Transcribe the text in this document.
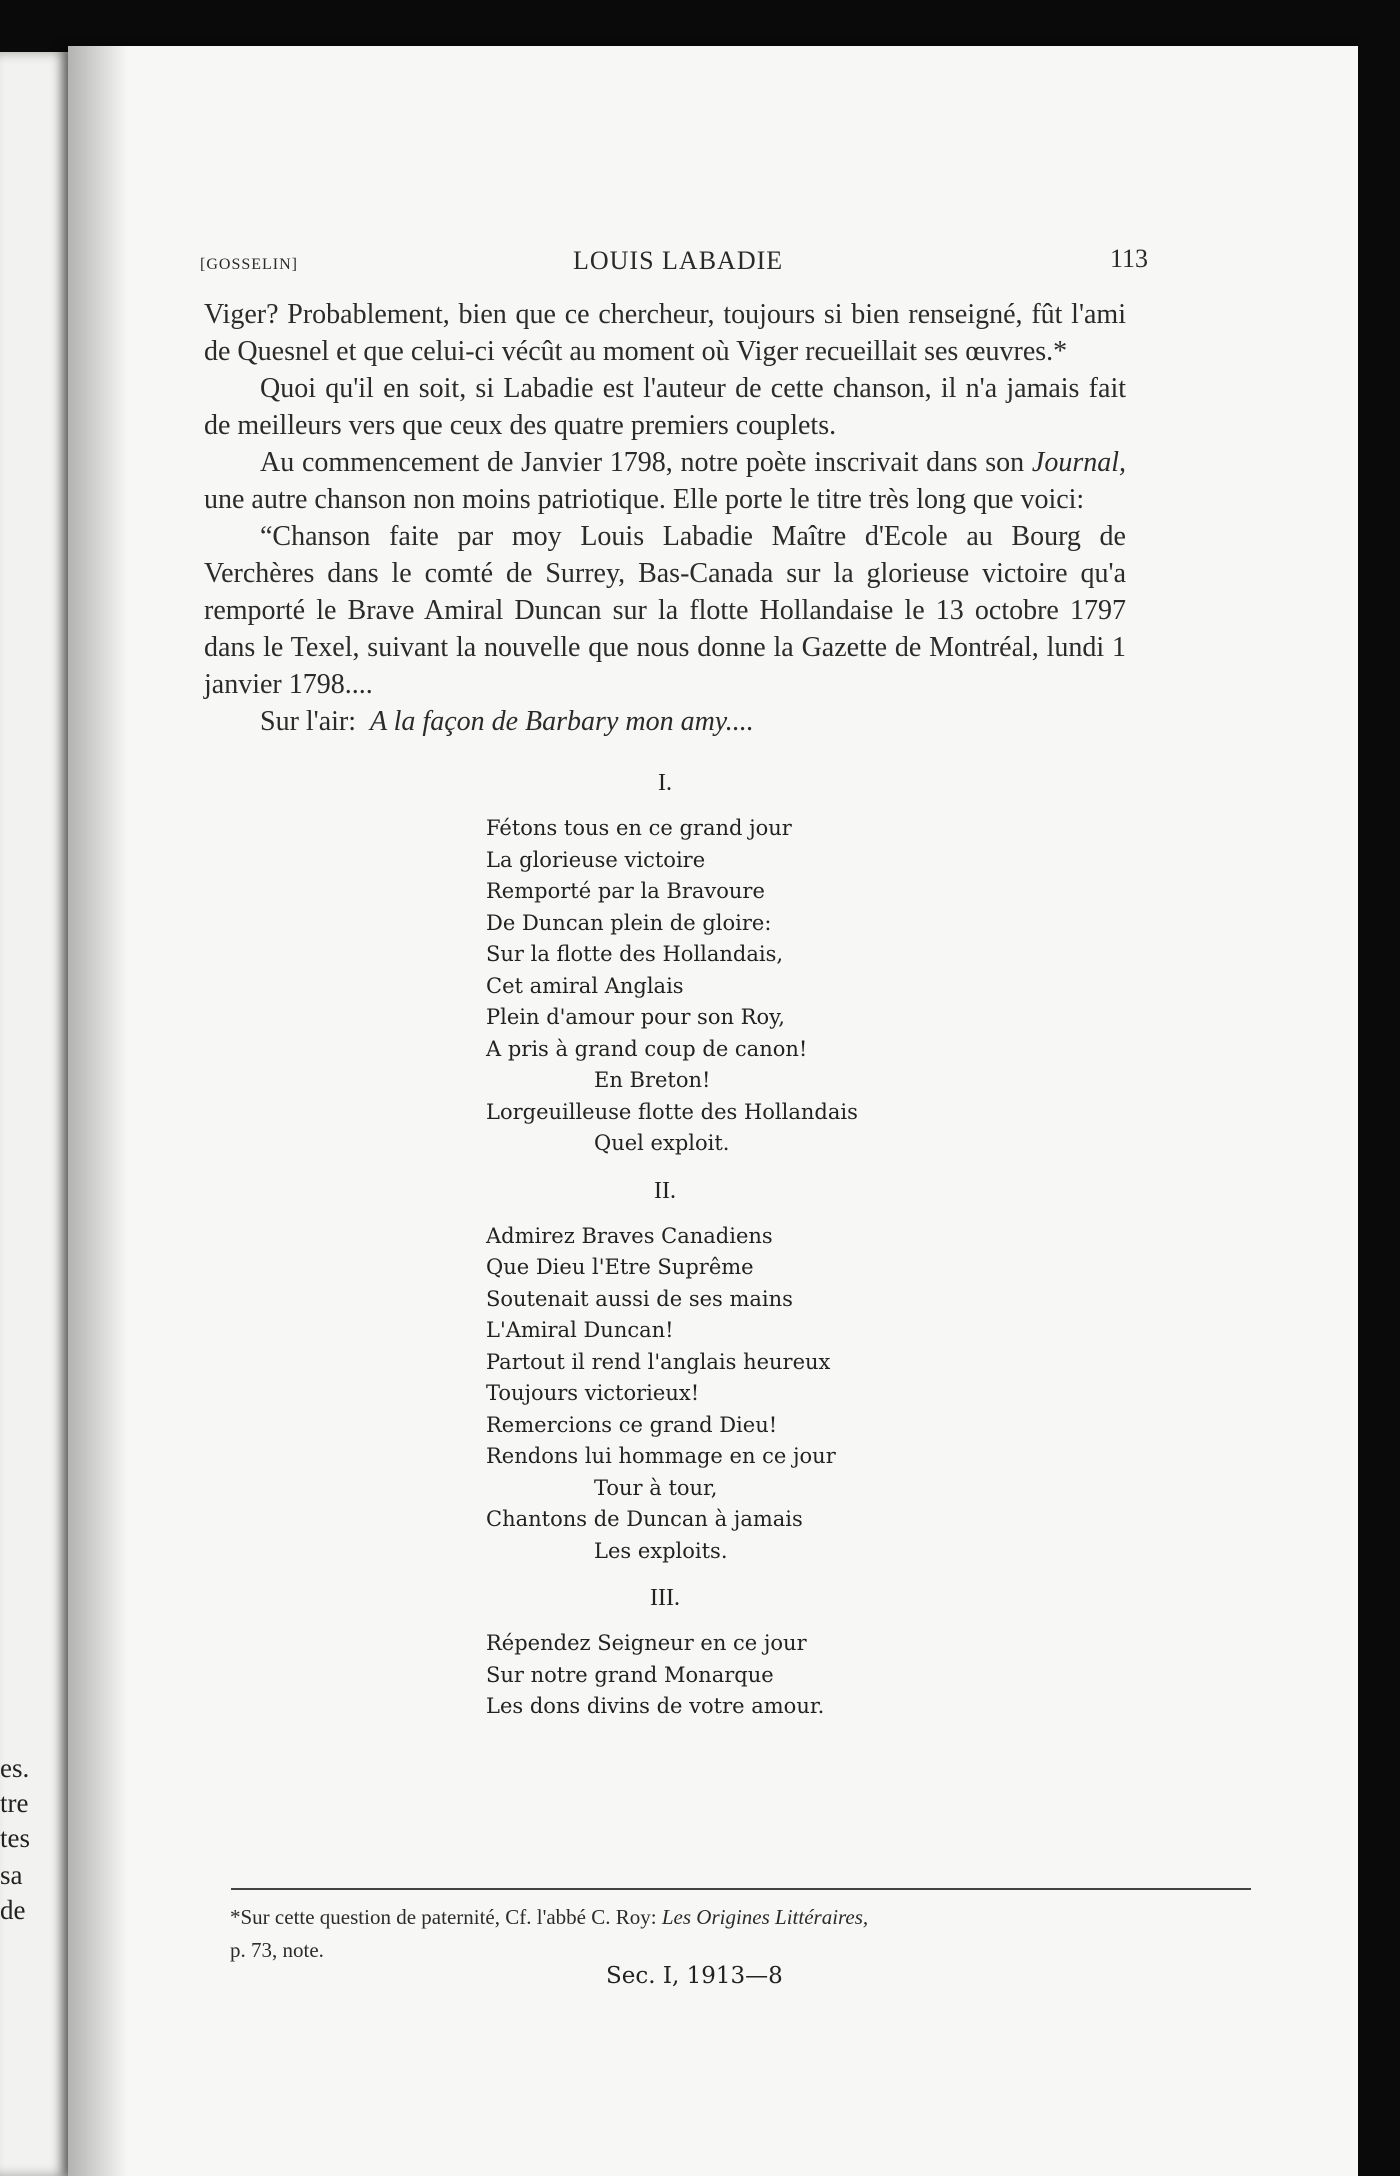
es.
tre
tes
sa
de
[GOSSELIN]	LOUIS LABADIE	113

Viger? Probablement, bien que ce chercheur, toujours si bien renseigné, fût l'ami de Quesnel et que celui-ci vécût au moment où Viger recueillait ses œuvres.*

Quoi qu'il en soit, si Labadie est l'auteur de cette chanson, il n'a jamais fait de meilleurs vers que ceux des quatre premiers couplets.

Au commencement de Janvier 1798, notre poète inscrivait dans son Journal, une autre chanson non moins patriotique. Elle porte le titre très long que voici:

“Chanson faite par moy Louis Labadie Maître d'Ecole au Bourg de Verchères dans le comté de Surrey, Bas-Canada sur la glorieuse victoire qu'a remporté le Brave Amiral Duncan sur la flotte Hollandaise le 13 octobre 1797 dans le Texel, suivant la nouvelle que nous donne la Gazette de Montréal, lundi 1 janvier 1798....

Sur l'air: A la façon de Barbary mon amy....

I.
Fétons tous en ce grand jour
La glorieuse victoire
Remporté par la Bravoure
De Duncan plein de gloire:
Sur la flotte des Hollandais,
Cet amiral Anglais
Plein d'amour pour son Roy,
A pris à grand coup de canon!
En Breton!
Lorgeuilleuse flotte des Hollandais
Quel exploit.
II.
Admirez Braves Canadiens
Que Dieu l'Etre Suprême
Soutenait aussi de ses mains
L'Amiral Duncan!
Partout il rend l'anglais heureux
Toujours victorieux!
Remercions ce grand Dieu!
Rendons lui hommage en ce jour
Tour à tour,
Chantons de Duncan à jamais
Les exploits.
III.
Répendez Seigneur en ce jour
Sur notre grand Monarque
Les dons divins de votre amour.
*Sur cette question de paternité, Cf. l'abbé C. Roy: Les Origines Littéraires,
p. 73, note.
Sec. I, 1913—8
